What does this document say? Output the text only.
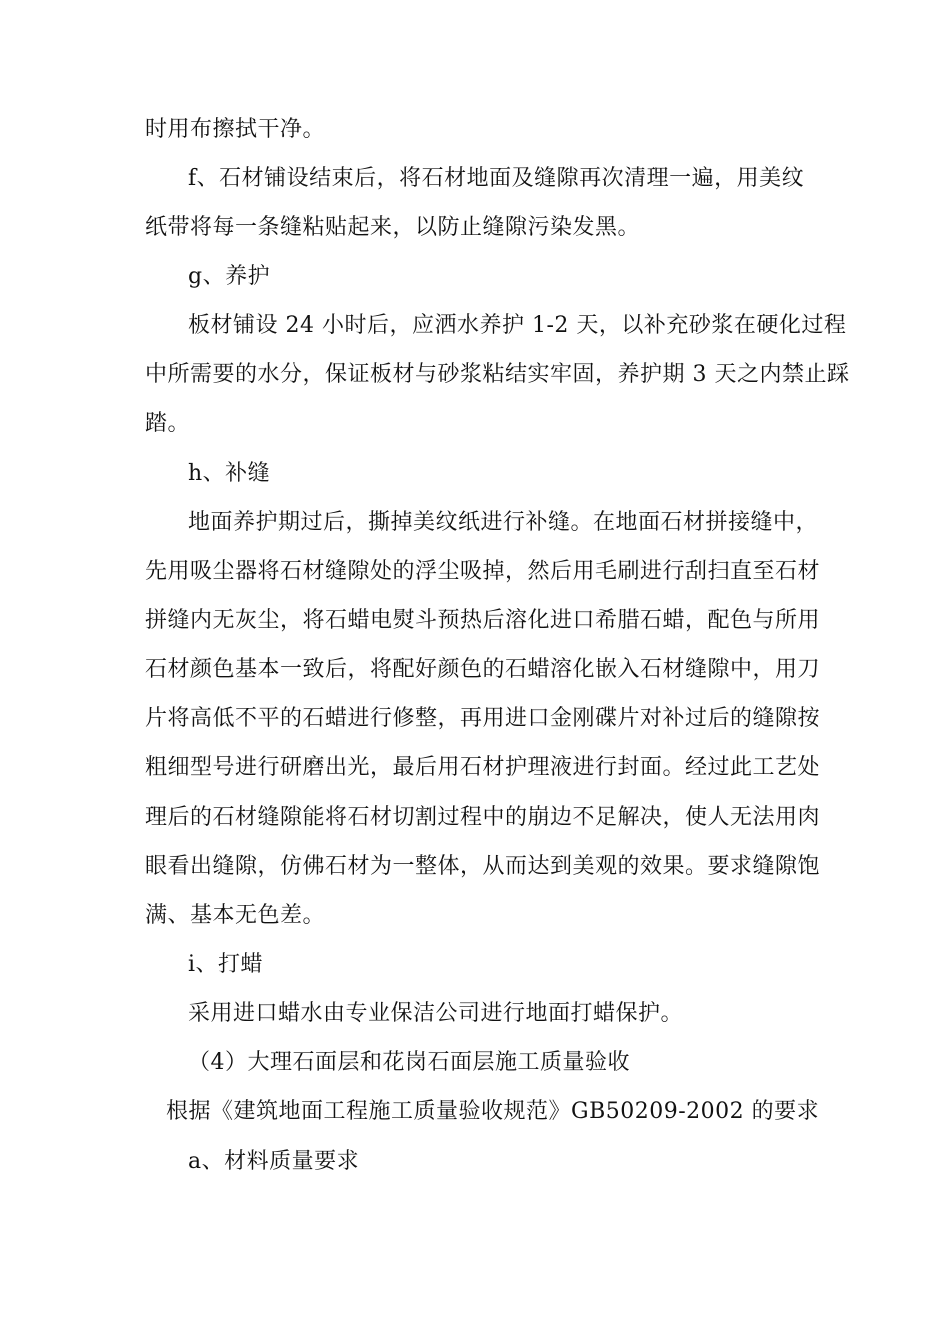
时用布擦拭干净。
f、石材铺设结束后，将石材地面及缝隙再次清理一遍，用美纹
纸带将每一条缝粘贴起来，以防止缝隙污染发黑。
g、养护
板材铺设 24 小时后，应洒水养护 1-2 天，以补充砂浆在硬化过程
中所需要的水分，保证板材与砂浆粘结实牢固，养护期 3 天之内禁止踩
踏。
h、补缝
地面养护期过后，撕掉美纹纸进行补缝。在地面石材拼接缝中，
先用吸尘器将石材缝隙处的浮尘吸掉，然后用毛刷进行刮扫直至石材
拼缝内无灰尘，将石蜡电熨斗预热后溶化进口希腊石蜡，配色与所用
石材颜色基本一致后，将配好颜色的石蜡溶化嵌入石材缝隙中，用刀
片将高低不平的石蜡进行修整，再用进口金刚碟片对补过后的缝隙按
粗细型号进行研磨出光，最后用石材护理液进行封面。经过此工艺处
理后的石材缝隙能将石材切割过程中的崩边不足解决，使人无法用肉
眼看出缝隙，仿佛石材为一整体，从而达到美观的效果。要求缝隙饱
满、基本无色差。
i、打蜡
采用进口蜡水由专业保洁公司进行地面打蜡保护。
（4）大理石面层和花岗石面层施工质量验收
根据《建筑地面工程施工质量验收规范》GB50209-2002 的要求
a、材料质量要求
